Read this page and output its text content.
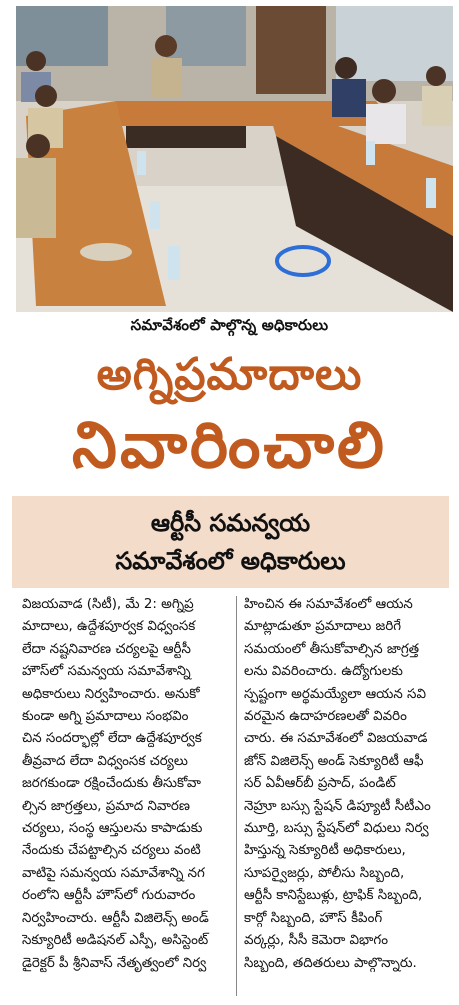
సమావేశంలో పాల్గొన్న అధికారులు
అగ్నిప్రమాదాలు
నివారించాలి
ఆర్టీసీ సమన్వయ
సమావేశంలో అధికారులు
విజయవాడ (సిటీ), మే 2: అగ్నిప్ర
మాదాలు, ఉద్దేశపూర్వక విధ్వంసక
లేదా నష్టనివారణ చర్యలపై ఆర్టీసీ
హౌస్‌లో సమన్వయ సమావేశాన్ని
అధికారులు నిర్వహించారు. అనుకో
కుండా అగ్ని ప్రమాదాలు సంభవిం
చిన సందర్భాల్లో లేదా ఉద్దేశపూర్వక
తీవ్రవాద లేదా విధ్వంసక చర్యలు
జరగకుండా రక్షించేందుకు తీసుకోవా
ల్సిన జాగ్రత్తలు, ప్రమాద నివారణ
చర్యలు, సంస్థ ఆస్తులను కాపాడుకు
నేందుకు చేపట్టాల్సిన చర్యలు వంటి
వాటిపై సమన్వయ సమావేశాన్ని నగ
రంలోని ఆర్టీసీ హౌస్‌లో గురువారం
నిర్వహించారు. ఆర్టీసీ విజిలెన్స్ అండ్
సెక్యూరిటీ అడిషనల్ ఎస్పీ, అసిస్టెంట్
డైరెక్టర్ పీ శ్రీనివాస్ నేతృత్వంలో నిర్వ
హించిన ఈ సమావేశంలో ఆయన
మాట్లాడుతూ ప్రమాదాలు జరిగే
సమయంలో తీసుకోవాల్సిన జాగ్రత్త
లను వివరించారు. ఉద్యోగులకు
స్పష్టంగా అర్థమయ్యేలా ఆయన సవి
వరమైన ఉదాహరణలతో వివరిం
చారు. ఈ సమావేశంలో విజయవాడ
జోన్ విజిలెన్స్ అండ్ సెక్యూరిటీ ఆఫీ
సర్ ఏవీఆర్‌బీ ప్రసాద్, పండిట్
నెహ్రూ బస్సు స్టేషన్ డిప్యూటీ సీటీఎం
మూర్తి, బస్సు స్టేషన్‌లో విధులు నిర్వ
హిస్తున్న సెక్యూరిటీ అధికారులు,
సూపర్వైజర్లు, పోలీసు సిబ్బంది,
ఆర్టీసీ కానిస్టేబుళ్లు, ట్రాఫిక్ సిబ్బంది,
కార్గో సిబ్బంది, హౌస్ కీపింగ్
వర్కర్లు, సీసీ కెమెరా విభాగం
సిబ్బంది, తదితరులు పాల్గొన్నారు.
